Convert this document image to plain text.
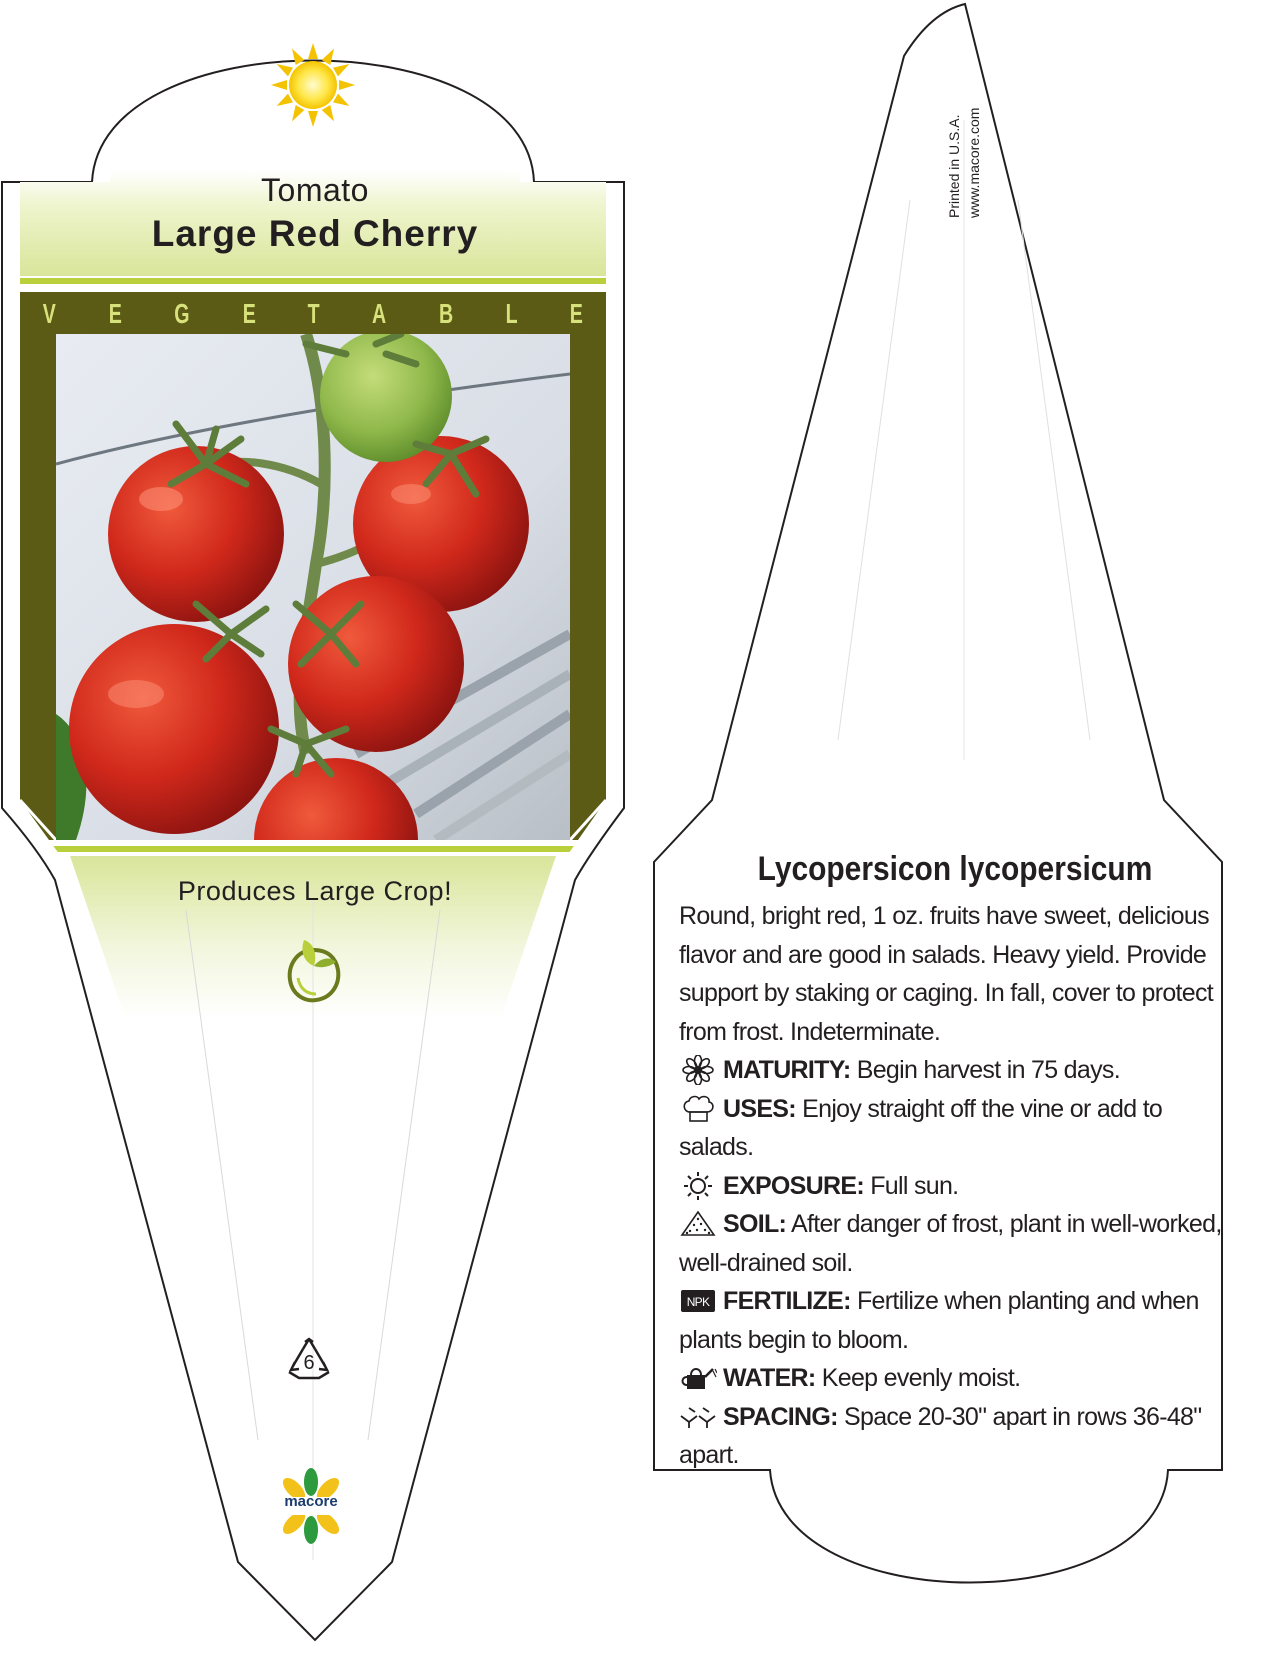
Tomato
Large Red Cherry
V E G E T A B L E
Produces Large Crop!
6
macore
Printed in U.S.A. www.macore.com
Lycopersicon lycopersicum

Round, bright red, 1 oz. fruits have sweet, delicious flavor and are good in salads. Heavy yield. Provide support by staking or caging. In fall, cover to protect from frost. Indeterminate.

MATURITY: Begin harvest in 75 days.
USES: Enjoy straight off the vine or add to salads.
EXPOSURE: Full sun.
SOIL: After danger of frost, plant in well-worked, well-drained soil.
NPK FERTILIZE: Fertilize when planting and when plants begin to bloom.
WATER: Keep evenly moist.
SPACING: Space 20-30" apart in rows 36-48" apart.
